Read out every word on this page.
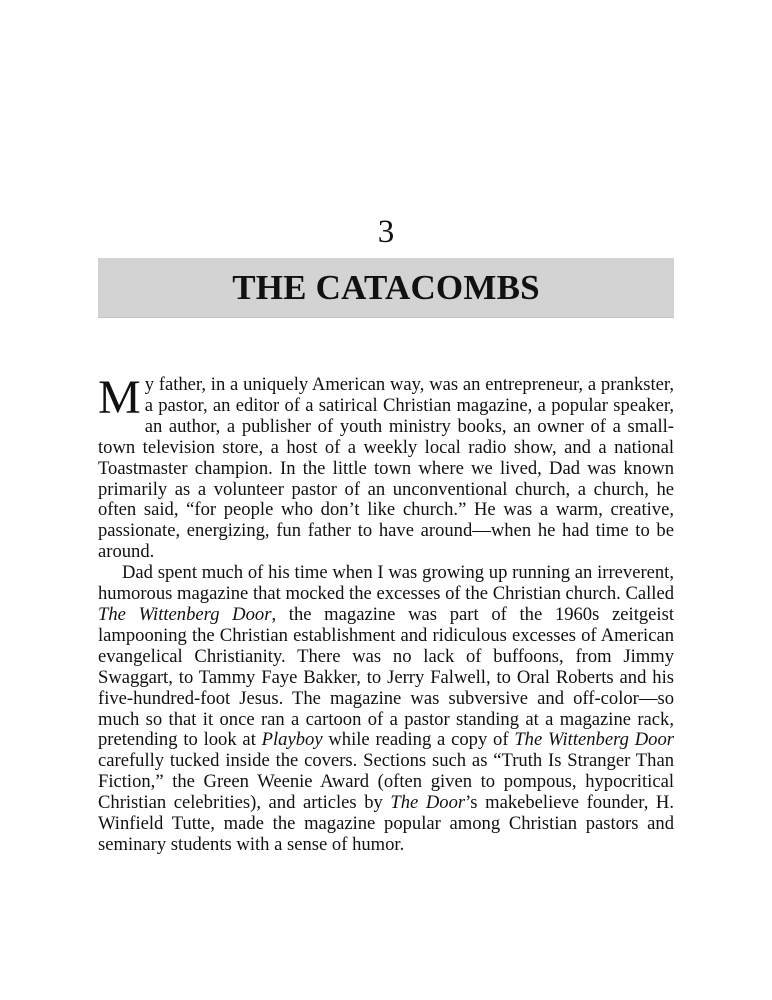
3
THE CATACOMBS

My father, in a uniquely American way, was an entrepreneur, a prankster, a pastor, an editor of a satirical Christian magazine, a popular speaker, an author, a publisher of youth ministry books, an owner of a small-town television store, a host of a weekly local radio show, and a national Toastmaster champion. In the little town where we lived, Dad was known primarily as a volunteer pastor of an unconventional church, a church, he often said, “for people who don’t like church.” He was a warm, creative, passionate, energizing, fun father to have around—when he had time to be around.

Dad spent much of his time when I was growing up running an irreverent, humorous magazine that mocked the excesses of the Christian church. Called The Wittenberg Door, the magazine was part of the 1960s zeitgeist lampooning the Christian establishment and ridiculous excesses of American evangelical Christianity. There was no lack of buffoons, from Jimmy Swaggart, to Tammy Faye Bakker, to Jerry Falwell, to Oral Roberts and his five-hundred-foot Jesus. The magazine was subversive and off-color—so much so that it once ran a cartoon of a pastor standing at a magazine rack, pretending to look at Playboy while reading a copy of The Wittenberg Door carefully tucked inside the covers. Sections such as “Truth Is Stranger Than Fiction,” the Green Weenie Award (often given to pompous, hypocritical Christian celebrities), and articles by The Door’s makebelieve founder, H. Winfield Tutte, made the magazine popular among Christian pastors and seminary students with a sense of humor.
